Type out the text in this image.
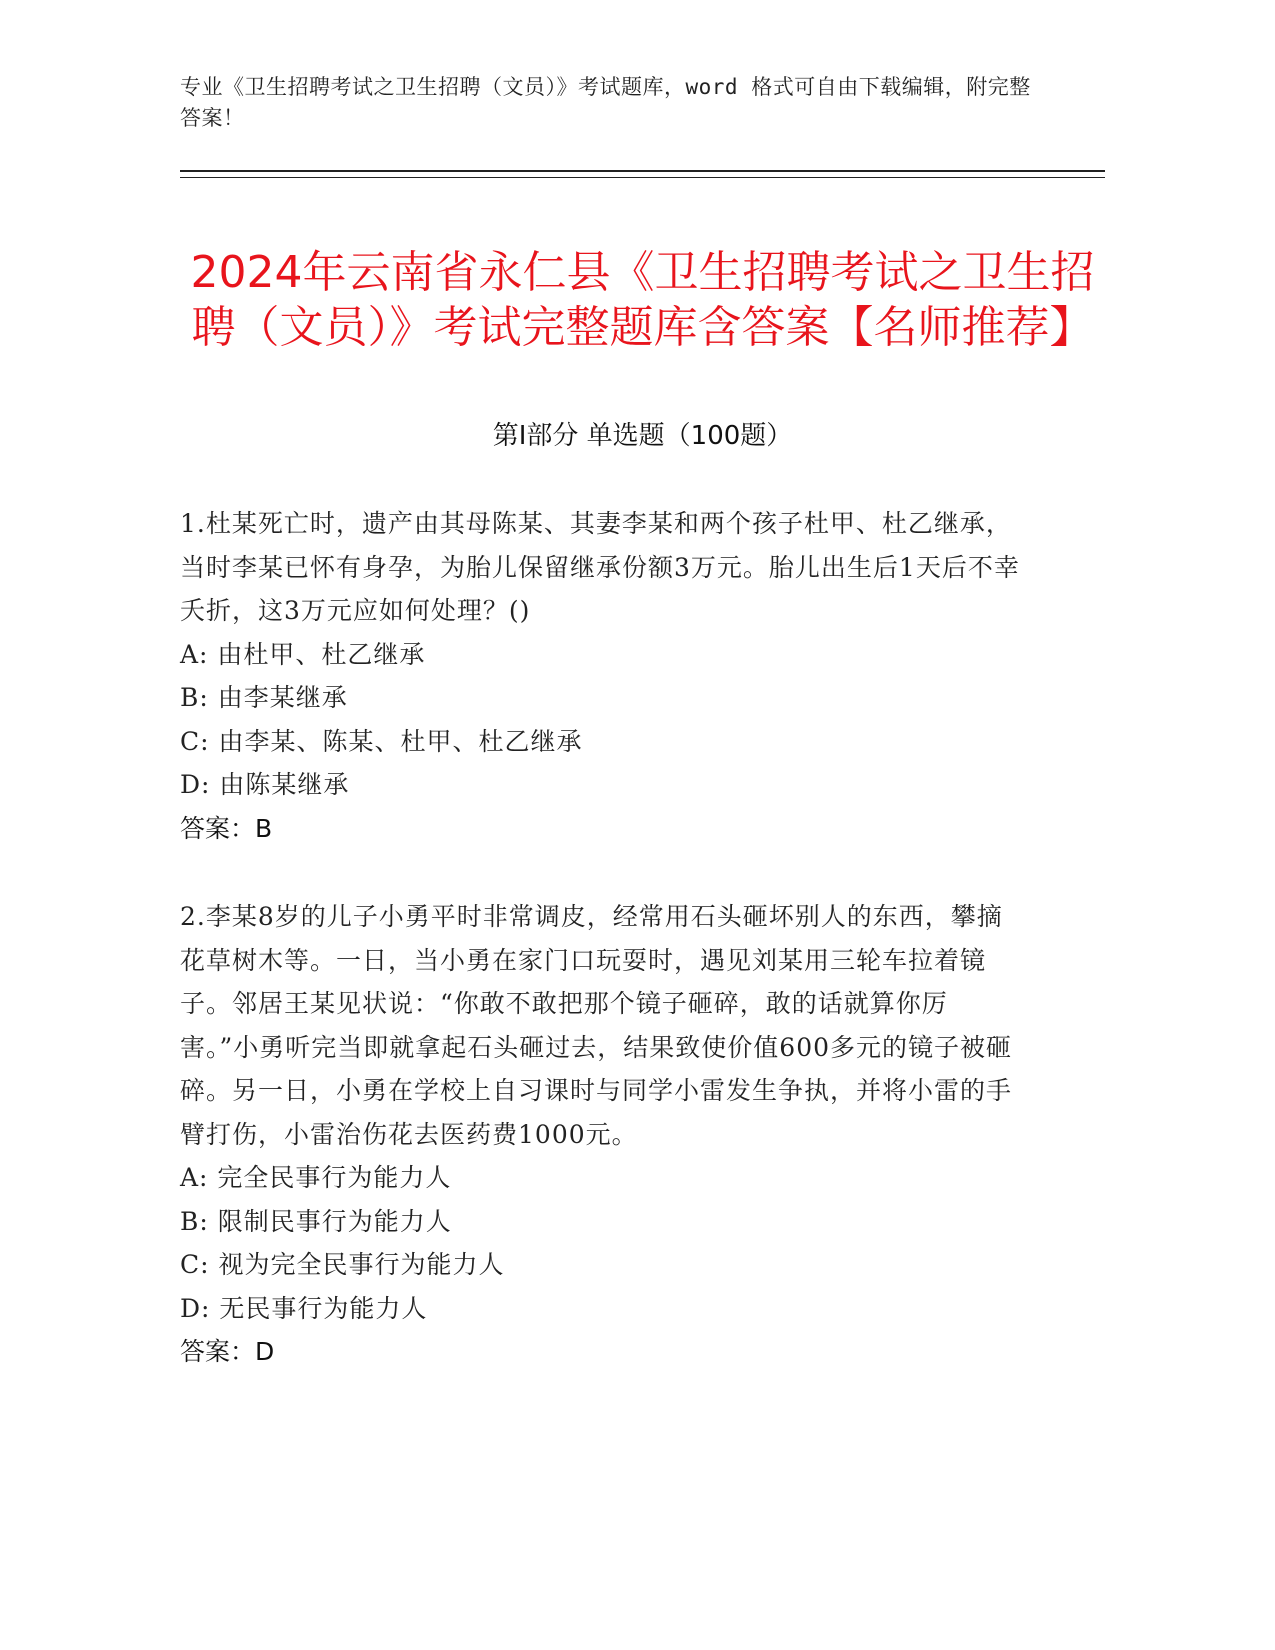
专业《卫生招聘考试之卫生招聘（文员）》考试题库，word 格式可自由下载编辑，附完整答案！
2024年云南省永仁县《卫生招聘考试之卫生招聘（文员）》考试完整题库含答案【名师推荐】
第Ⅰ部分 单选题（100题）

1.杜某死亡时，遗产由其母陈某、其妻李某和两个孩子杜甲、杜乙继承，当时李某已怀有身孕，为胎儿保留继承份额3万元。胎儿出生后1天后不幸夭折，这3万元应如何处理？()

A: 由杜甲、杜乙继承

B: 由李某继承

C: 由李某、陈某、杜甲、杜乙继承

D: 由陈某继承

答案：B

2.李某8岁的儿子小勇平时非常调皮，经常用石头砸坏别人的东西，攀摘花草树木等。一日，当小勇在家门口玩耍时，遇见刘某用三轮车拉着镜子。邻居王某见状说：“你敢不敢把那个镜子砸碎，敢的话就算你厉害。”小勇听完当即就拿起石头砸过去，结果致使价值600多元的镜子被砸碎。另一日，小勇在学校上自习课时与同学小雷发生争执，并将小雷的手臂打伤，小雷治伤花去医药费1000元。

A: 完全民事行为能力人

B: 限制民事行为能力人

C: 视为完全民事行为能力人

D: 无民事行为能力人

答案：D
